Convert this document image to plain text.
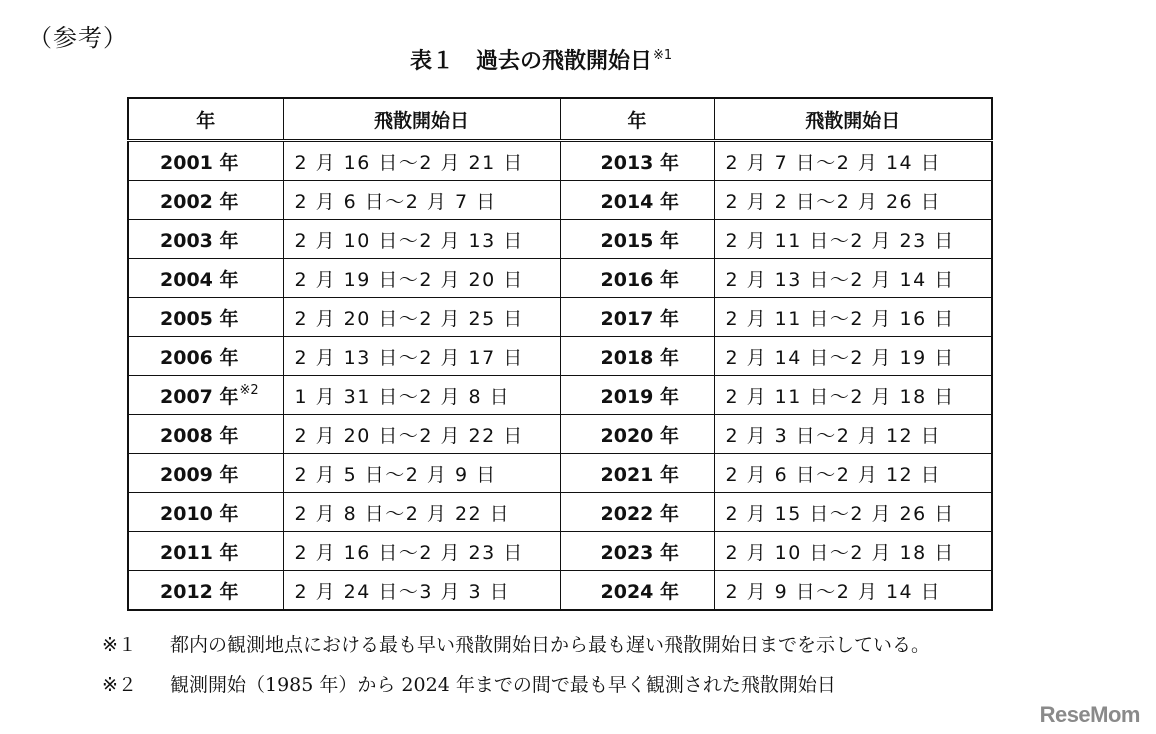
（参考）
表１　過去の飛散開始日$^{※1}$
年	飛散開始日	年	飛散開始日
2001 年	2 月 16 日～2 月 21 日	2013 年	2 月 7 日～2 月 14 日
2002 年	2 月 6 日～2 月 7 日	2014 年	2 月 2 日～2 月 26 日
2003 年	2 月 10 日～2 月 13 日	2015 年	2 月 11 日～2 月 23 日
2004 年	2 月 19 日～2 月 20 日	2016 年	2 月 13 日～2 月 14 日
2005 年	2 月 20 日～2 月 25 日	2017 年	2 月 11 日～2 月 16 日
2006 年	2 月 13 日～2 月 17 日	2018 年	2 月 14 日～2 月 19 日
2007 年$^{※2}$	1 月 31 日～2 月 8 日	2019 年	2 月 11 日～2 月 18 日
2008 年	2 月 20 日～2 月 22 日	2020 年	2 月 3 日～2 月 12 日
2009 年	2 月 5 日～2 月 9 日	2021 年	2 月 6 日～2 月 12 日
2010 年	2 月 8 日～2 月 22 日	2022 年	2 月 15 日～2 月 26 日
2011 年	2 月 16 日～2 月 23 日	2023 年	2 月 10 日～2 月 18 日
2012 年	2 月 24 日～3 月 3 日	2024 年	2 月 9 日～2 月 14 日
※１ 都内の観測地点における最も早い飛散開始日から最も遅い飛散開始日までを示している。
※２ 観測開始（1985 年）から 2024 年までの間で最も早く観測された飛散開始日
ReseMom
